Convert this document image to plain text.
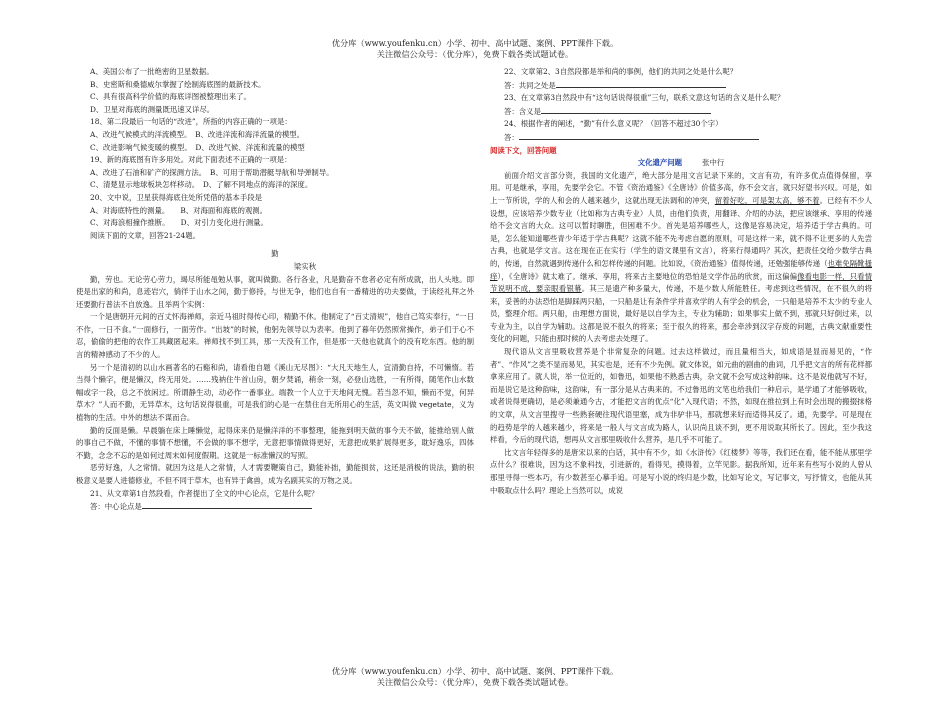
优分库（www.youfenku.cn）小学、初中、高中试题、案例、PPT课件下载。
关注微信公众号：（优分库），免费下载各类试题试卷。
A、美国公布了一批绝密的卫星数据。
B、史密斯和桑德威尔掌握了绘制海底图的最新技术。
C、具有很高科学价值的海底详图被整理出来了。
D、卫星对海底的测量既迅速又详尽。
18、第二段最后一句话的“改进”，所指的内容正确的一项是：
A、改进气候模式的洋流模型。　B、改进洋流和海洋流量的模型。
C、改进影响气候变暖的模型。　D、改进气候、洋流和流量的模型
19、新的海底图有许多用处。对此下面表述不正确的一项是：
A、改进了石油和矿产的探测方法。　B、可用于帮助潜艇导航和导弹制导。
C、清楚显示地球板块怎样移动。　D、了解不同地点的海洋的深度。
20、文中说，卫星获得海底住处所凭借的基本手段是
A、对海底特性的测量。　　B、对海面和海底的观测。
C、对海浪相撞作推断。　　D、对引力变化进行测量。
阅读下面的文章，回答21-24题。
勤
梁实秋
勤，劳也。无论劳心劳力，竭尽所能黾勉从事，就叫做勤。各行各业，凡是勤奋不怠者必定有所成就，出人头地。即使是出家的和尚，息迹岩穴，徜徉于山水之间，勤于修持，与世无争，他们也自有一番精进的功夫要做，于读经礼拜之外还要勤行普法不自放逸。且举两个实例：
一个是唐朝开元间的百丈怀海禅师，亲近马祖时得传心印，精勤不休。他制定了“百丈清规”，他自己笃实奉行，“一日不作，一日不食。”一面修行，一面劳作。“出坡”的时候，他躬先领导以为表率。他到了暮年仍然照常操作，弟子们于心不忍，偷偷的把他的农作工具藏匿起来。禅师找不到工具，那一天没有工作，但是那一天他也就真个的没有吃东西。他的制言的精神感动了不少的人。
另一个是清初的以山水画著名的石谿和尚，请看他自题《溪山无尽图》：“大凡天地生人，宜清勤自持，不可懒惰。若当得个懒字，便是懒汉，终无用处。……残衲住牛首山房，朝夕焚诵，稍余一刻，必登山选胜，一有所得，随笔作山水数幅或字一段，总之不放闲过。所谓静生动，动必作一番事业。端教一个人立于天地间无愧。若当忽不知，懒而不觉，何异草木？”人而不勤，无异草木，这句话说得很重，可是我们的心是一在禁住自无所用心的生活，英文叫做 vegetate，义为植物的生活。中外的想法不谋而合。
勤的反面是懒。早晨躺在床上睡懒觉，起得床来仍是懒洋洋的不事整理，能拖到明天做的事今天不做，能推给别人做的事自己不做，不懂的事情不想懂，不会做的事不想学，无意把事情做得更好，无意把成果扩展得更多，耽好逸乐，四体不勤，念念不忘的是如何过周末如何度假期。这就是一标准懒汉的写照。
恶劳好逸，人之常情。就因为这是人之常情，人才需要鞭策自己，勤能补拙，勤能损贫，这还是消极的说法，勤的积极意义是要人进德修业，不但不同于草木，也有异于禽兽，成为名副其实的万物之灵。
21、从文章第1自然段看，作者提出了全文的中心论点，它是什么呢？
答：中心论点是
22、文章第2、3自然段都是举和尚的事例，他们的共同之处是什么呢？
答：共同之处是
23、在文章第3自然段中有“这句话说得很重”三句，联系文意这句话的含义是什么呢？
答：含义是
24、根据作者的阐述，“勤”有什么意义呢？（回答不超过30个字）
答：
阅读下文，回答问题
文化遗产问题	张中行
前面介绍文言部分资，我国的文化遗产，绝大部分是用文言记录下来的，文言有功，有许多优点值得保留，享用。可是继承，享用，先要学会它。不管《资治通鉴》《全唐诗》价值多高，你不会文言，就只好望书兴叹。可是，如上一节所说，学的人和会的人越来越少，这就出现无法调和的冲突，留着好吃，可是架太高，够不着。已经有不少人设想，应该培养少数专业（比如称为古典专业）人员，由他们负责，用翻译、介绍的办法，把应该继承、享用的传递给不会文言的大众。这可以暂时聊胜，但困难不少。首先是培养哪些人，这像是容易决定，培养适于学古典的。可是，怎么能知道哪些青少年适于学古典呢？这就不能不先考虑自愿的原则，可是这样一来，就不得不让更多的人先尝古典，也就是学文言。这在现在正在实行（学生的语文课里有文言），将来行得通吗？其次，把责任交给少数学古典的，传递，自然就遇到传递什么和怎样传递的问题。比如说，《资治通鉴》值得传递，还勉强能够传递（也难免隔靴搔痒），《全唐诗》就太难了。继承、享用，将来古主要地位的恐怕是文学作品的欣赏，而这偏偏像看电影一样，只看情节说明不成，要亲眼看银幕。其三是遗产种多量大，传递，不是少数人所能胜任。考虑到这些情况，在不很久的将来，妥善的办法恐怕是脚踩两只船，一只船是让有条件学并喜欢学的人有学会的机会，一只船是培养不太少的专业人员，整理介绍。两只船，由理想方面说，最好是以自学为主，专业为辅助；如果事实上做不到，那就只好倒过来，以专业为主，以自学为辅助。这都是说不很久的将来；至于很久的将来，那会牵涉到汉字存废的问题，古典文献重要性变化的问题，只能由那时候的人去考虑去处理了。
现代语从文言里吸收营养是个非常复杂的问题。过去这样做过，而且量相当大，如成语是显而易见的，“作者”、“作风”之类不显而易见，其实也是，还有不少先例。就文体说，如元曲的剧曲的曲词，几乎把文言的所有花样都拿来应用了。就人说，举一位近的，如鲁迅，如果他不熟悉古典，杂文就不会写成这种韵味。这不是说他就写不好，而是说它是这种韵味，这韵味，有一部分是从古典来的。不过鲁迅的文笔也给我们一种启示，是学通了才能够吸收，或者说得更确切，是必须兼通今古，才能把文言的优点“化”入现代语；不然，如现在推拉到上有时会出现的搬掇抹格的文章，从文言里搜寻一些熟套硬往现代语里塞，成为非驴非马，那就想来好而适得其反了。通，先要学。可是现在的趋势是学的人越来越少，将来是一般人与文言成为路人，认识尚且谈不到，更不用说取其所长了。因此，至少我这样看，今后的现代语，想再从文言那里吸收什么营养，是几乎不可能了。
比文言年轻得多的是唐宋以来的白话，其中有不少，如《水浒传》《红楼梦》等等，我们还在看，能不能从那里学点什么？很难说，因为这不象科技，引进新的，看得见，摸得着，立竿见影。据我所知，近年来有些写小说的人曾从那里寻得一些本巧，有少数甚至心摹手追。可是写小说的终归是少数，比如写论文，写记事文，写抒情文，也能从其中吸取点什么吗？理论上当然可以，成说
优分库（www.youfenku.cn）小学、初中、高中试题、案例、PPT课件下载。
关注微信公众号：（优分库），免费下载各类试题试卷。
